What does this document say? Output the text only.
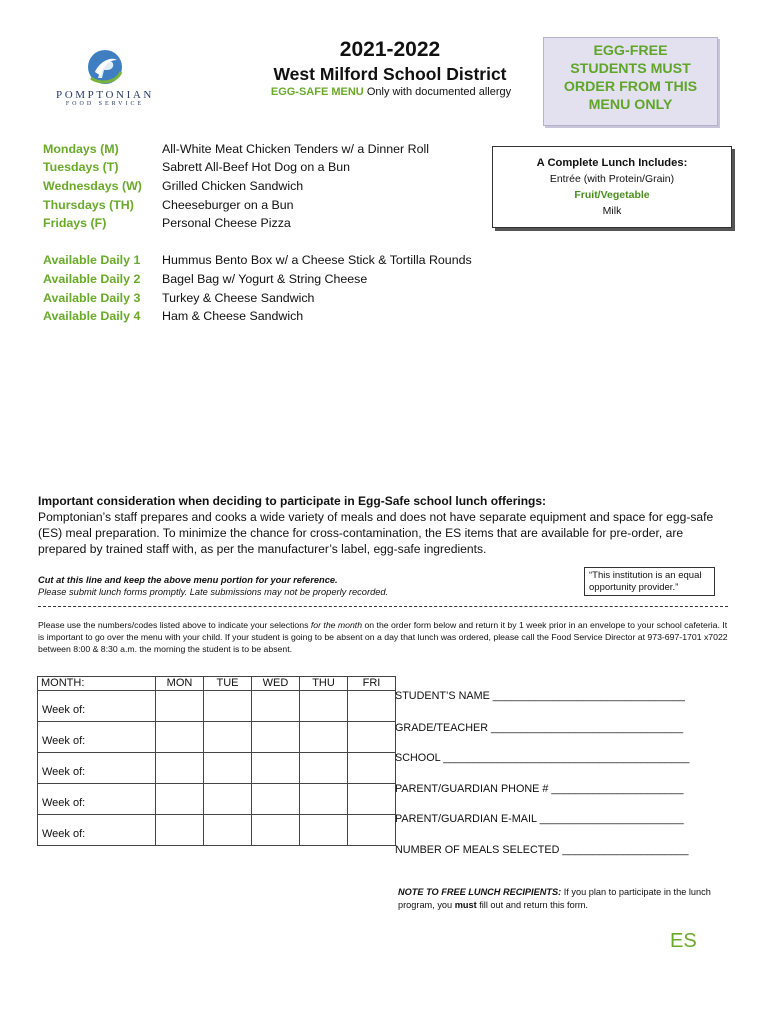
POMPTONIAN
FOOD SERVICE
2021-2022
West Milford School District
EGG-SAFE MENU Only with documented allergy
EGG-FREE
STUDENTS MUST
ORDER FROM THIS
MENU ONLY
Mondays (M)	All-White Meat Chicken Tenders w/ a Dinner Roll
Tuesdays (T)	Sabrett All-Beef Hot Dog on a Bun
Wednesdays (W) Grilled Chicken Sandwich
Thursdays (TH) Cheeseburger on a Bun
Fridays (F)	Personal Cheese Pizza
Available Daily 1 Hummus Bento Box w/ a Cheese Stick & Tortilla Rounds
Available Daily 2 Bagel Bag w/ Yogurt & String Cheese
Available Daily 3 Turkey & Cheese Sandwich
Available Daily 4 Ham & Cheese Sandwich
A Complete Lunch Includes:
Entrée (with Protein/Grain)
Fruit/Vegetable
Milk
Important consideration when deciding to participate in Egg-Safe school lunch offerings:
Pomptonian’s staff prepares and cooks a wide variety of meals and does not have separate equipment and space for egg-safe (ES) meal preparation. To minimize the chance for cross-contamination, the ES items that are available for pre-order, are prepared by trained staff with, as per the manufacturer’s label, egg-safe ingredients.
Cut at this line and keep the above menu portion for your reference.
Please submit lunch forms promptly. Late submissions may not be properly recorded.
“This institution is an equal opportunity provider.”
Please use the numbers/codes listed above to indicate your selections for the month on the order form below and return it by 1 week prior in an envelope to your school cafeteria. It is important to go over the menu with your child. If your student is going to be absent on a day that lunch was ordered, please call the Food Service Director at 973-697-1701 x7022 between 8:00 & 8:30 a.m. the morning the student is to be absent.
MONTH:	MON	TUE	WED	THU	FRI
Week of:					
Week of:					
Week of:					
Week of:					
Week of:					
STUDENT’S NAME ________________________________
GRADE/TEACHER ________________________________
SCHOOL _________________________________________
PARENT/GUARDIAN PHONE # ______________________
PARENT/GUARDIAN E-MAIL ________________________
NUMBER OF MEALS SELECTED _____________________
NOTE TO FREE LUNCH RECIPIENTS: If you plan to participate in the lunch program, you must fill out and return this form.
ES
